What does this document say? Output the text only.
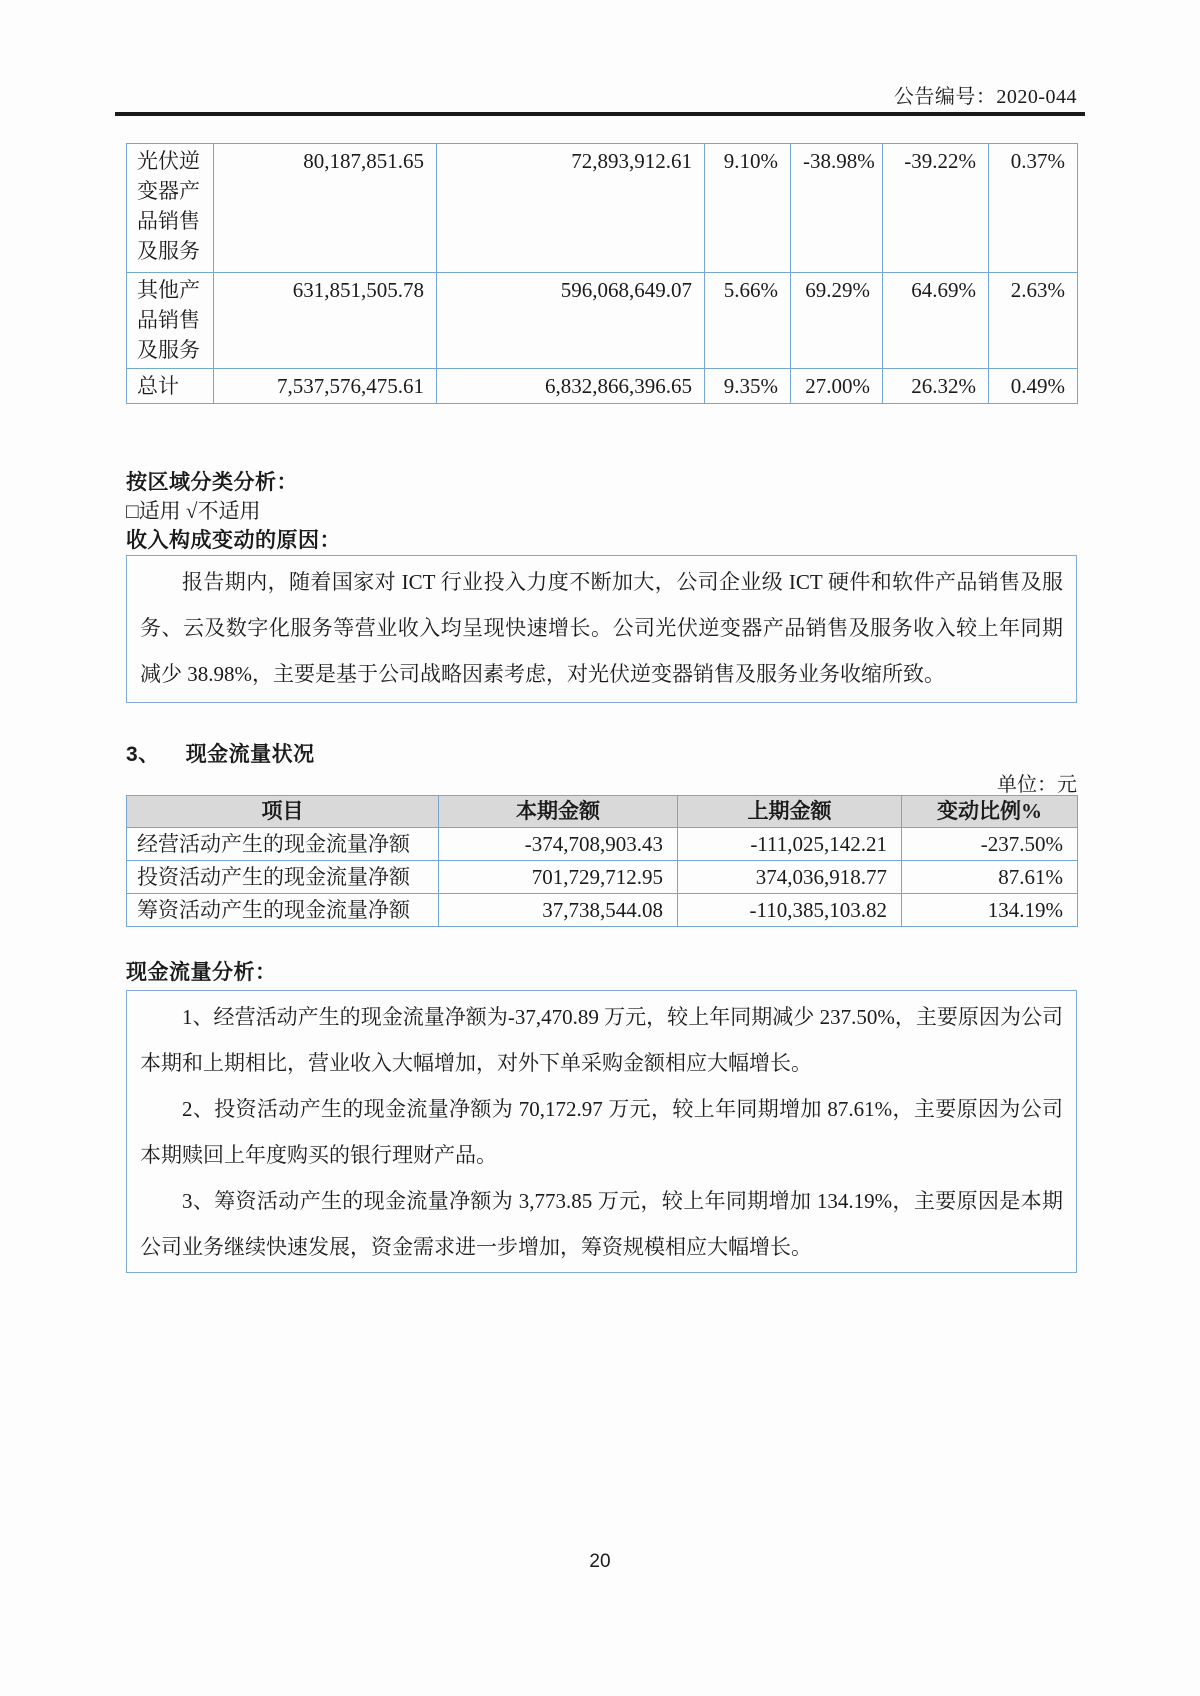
公告编号：2020-044
光伏逆变器产品销售及服务	80,187,851.65	72,893,912.61	9.10%	-38.98%	-39.22%	0.37%
其他产品销售及服务	631,851,505.78	596,068,649.07	5.66%	69.29%	64.69%	2.63%
总计	7,537,576,475.61	6,832,866,396.65	9.35%	27.00%	26.32%	0.49%
按区域分类分析：
□适用 √不适用
收入构成变动的原因：

报告期内，随着国家对 ICT 行业投入力度不断加大，公司企业级 ICT 硬件和软件产品销售及服务、云及数字化服务等营业收入均呈现快速增长。公司光伏逆变器产品销售及服务收入较上年同期减少 38.98%，主要是基于公司战略因素考虑，对光伏逆变器销售及服务业务收缩所致。

3、 现金流量状况
单位：元
项目	本期金额	上期金额	变动比例%
经营活动产生的现金流量净额	-374,708,903.43	-111,025,142.21	-237.50%
投资活动产生的现金流量净额	701,729,712.95	374,036,918.77	87.61%
筹资活动产生的现金流量净额	37,738,544.08	-110,385,103.82	134.19%
现金流量分析：

1、经营活动产生的现金流量净额为-37,470.89 万元，较上年同期减少 237.50%，主要原因为公司本期和上期相比，营业收入大幅增加，对外下单采购金额相应大幅增长。

2、投资活动产生的现金流量净额为 70,172.97 万元，较上年同期增加 87.61%，主要原因为公司本期赎回上年度购买的银行理财产品。

3、筹资活动产生的现金流量净额为 3,773.85 万元，较上年同期增加 134.19%，主要原因是本期公司业务继续快速发展，资金需求进一步增加，筹资规模相应大幅增长。

20
